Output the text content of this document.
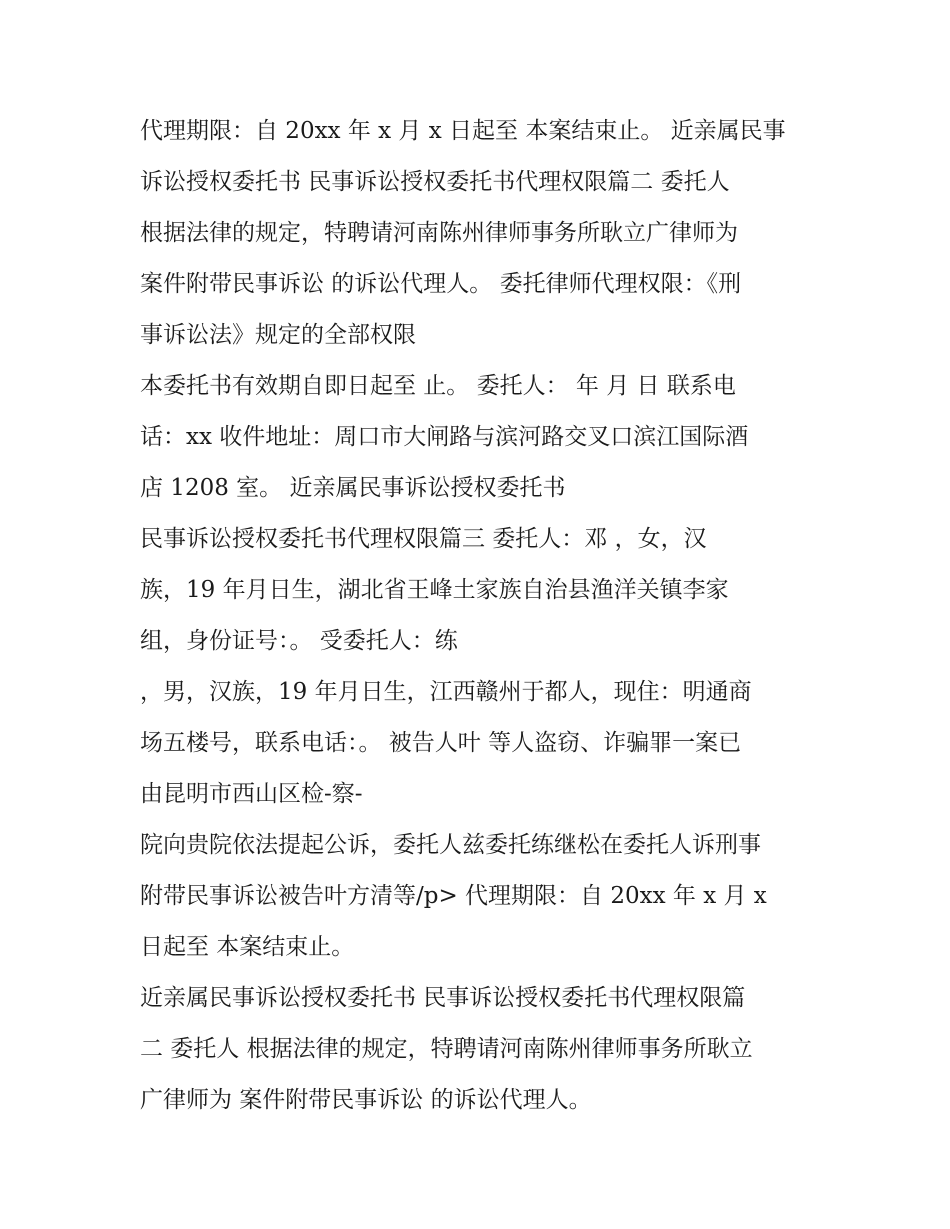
代理期限：自 20xx 年 x 月 x 日起至 本案结束止。 近亲属民事
诉讼授权委托书 民事诉讼授权委托书代理权限篇二 委托人
根据法律的规定，特聘请河南陈州律师事务所耿立广律师为
案件附带民事诉讼 的诉讼代理人。 委托律师代理权限：《刑
事诉讼法》规定的全部权限
本委托书有效期自即日起至 止。 委托人： 年 月 日 联系电
话：xx 收件地址：周口市大闸路与滨河路交叉口滨江国际酒
店 1208 室。 近亲属民事诉讼授权委托书
民事诉讼授权委托书代理权限篇三 委托人：邓 ，女，汉
族，19 年月日生，湖北省王峰土家族自治县渔洋关镇李家
组，身份证号：。 受委托人：练
，男，汉族，19 年月日生，江西赣州于都人，现住：明通商
场五楼号，联系电话：。 被告人叶 等人盗窃、诈骗罪一案已
由昆明市西山区检-察-
院向贵院依法提起公诉，委托人兹委托练继松在委托人诉刑事
附带民事诉讼被告叶方清等/p> 代理期限：自 20xx 年 x 月 x
日起至 本案结束止。
近亲属民事诉讼授权委托书 民事诉讼授权委托书代理权限篇
二 委托人 根据法律的规定，特聘请河南陈州律师事务所耿立
广律师为 案件附带民事诉讼 的诉讼代理人。
